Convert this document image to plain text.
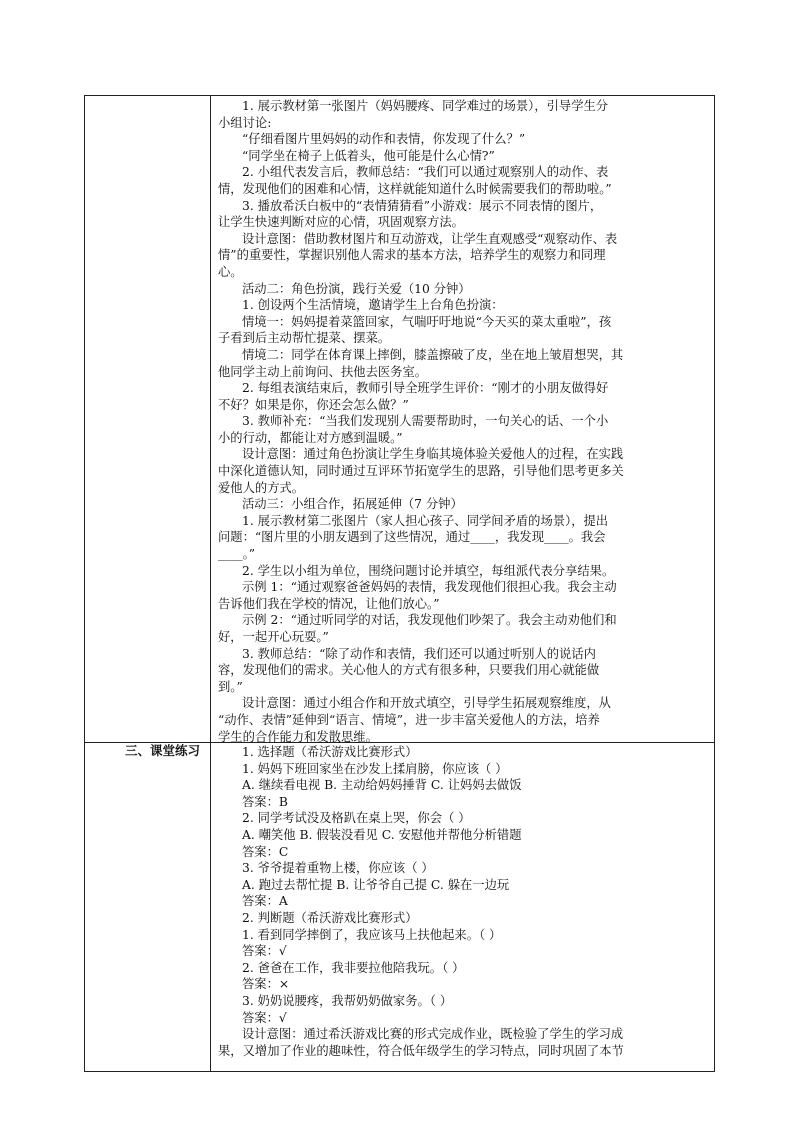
三、课堂练习

1. 展示教材第一张图片（妈妈腰疼、同学难过的场景），引导学生分

小组讨论:

“仔细看图片里妈妈的动作和表情，你发现了什么？”

“同学坐在椅子上低着头，他可能是什么心情?”

2. 小组代表发言后，教师总结：“我们可以通过观察别人的动作、表

情，发现他们的困难和心情，这样就能知道什么时候需要我们的帮助啦。”

3. 播放希沃白板中的“表情猜猜看”小游戏：展示不同表情的图片，

让学生快速判断对应的心情，巩固观察方法。

设计意图：借助教材图片和互动游戏，让学生直观感受“观察动作、表

情”的重要性，掌握识别他人需求的基本方法，培养学生的观察力和同理

心。

活动二：角色扮演，践行关爱（10 分钟）

1. 创设两个生活情境，邀请学生上台角色扮演：

情境一：妈妈提着菜篮回家，气喘吁吁地说“今天买的菜太重啦”，孩

子看到后主动帮忙提菜、摆菜。

情境二：同学在体育课上摔倒，膝盖擦破了皮，坐在地上皱眉想哭，其

他同学主动上前询问、扶他去医务室。

2. 每组表演结束后，教师引导全班学生评价：“刚才的小朋友做得好

不好？如果是你，你还会怎么做？”

3. 教师补充：“当我们发现别人需要帮助时，一句关心的话、一个小

小的行动，都能让对方感到温暖。”

设计意图：通过角色扮演让学生身临其境体验关爱他人的过程，在实践

中深化道德认知，同时通过互评环节拓宽学生的思路，引导他们思考更多关

爱他人的方式。

活动三：小组合作，拓展延伸（7 分钟）

1. 展示教材第二张图片（家人担心孩子、同学间矛盾的场景），提出

问题：“图片里的小朋友遇到了这些情况，通过____，我发现____。我会

____。”

2. 学生以小组为单位，围绕问题讨论并填空，每组派代表分享结果。

示例 1：“通过观察爸爸妈妈的表情，我发现他们很担心我。我会主动

告诉他们我在学校的情况，让他们放心。”

示例 2：“通过听同学的对话，我发现他们吵架了。我会主动劝他们和

好，一起开心玩耍。”

3. 教师总结：“除了动作和表情，我们还可以通过听别人的说话内

容，发现他们的需求。关心他人的方式有很多种，只要我们用心就能做

到。”

设计意图：通过小组合作和开放式填空，引导学生拓展观察维度，从

“动作、表情”延伸到“语言、情境”，进一步丰富关爱他人的方法，培养

学生的合作能力和发散思维。

1. 选择题（希沃游戏比赛形式）

1. 妈妈下班回家坐在沙发上揉肩膀，你应该（ ）

A. 继续看电视 B. 主动给妈妈捶背 C. 让妈妈去做饭

答案：B

2. 同学考试没及格趴在桌上哭，你会（ ）

A. 嘲笑他 B. 假装没看见 C. 安慰他并帮他分析错题

答案：C

3. 爷爷提着重物上楼，你应该（ ）

A. 跑过去帮忙提 B. 让爷爷自己提 C. 躲在一边玩

答案：A

2. 判断题（希沃游戏比赛形式）

1. 看到同学摔倒了，我应该马上扶他起来。（ ）

答案：√

2. 爸爸在工作，我非要拉他陪我玩。（ ）

答案：×

3. 奶奶说腰疼，我帮奶奶做家务。（ ）

答案：√

设计意图：通过希沃游戏比赛的形式完成作业，既检验了学生的学习成

果，又增加了作业的趣味性，符合低年级学生的学习特点，同时巩固了本节
